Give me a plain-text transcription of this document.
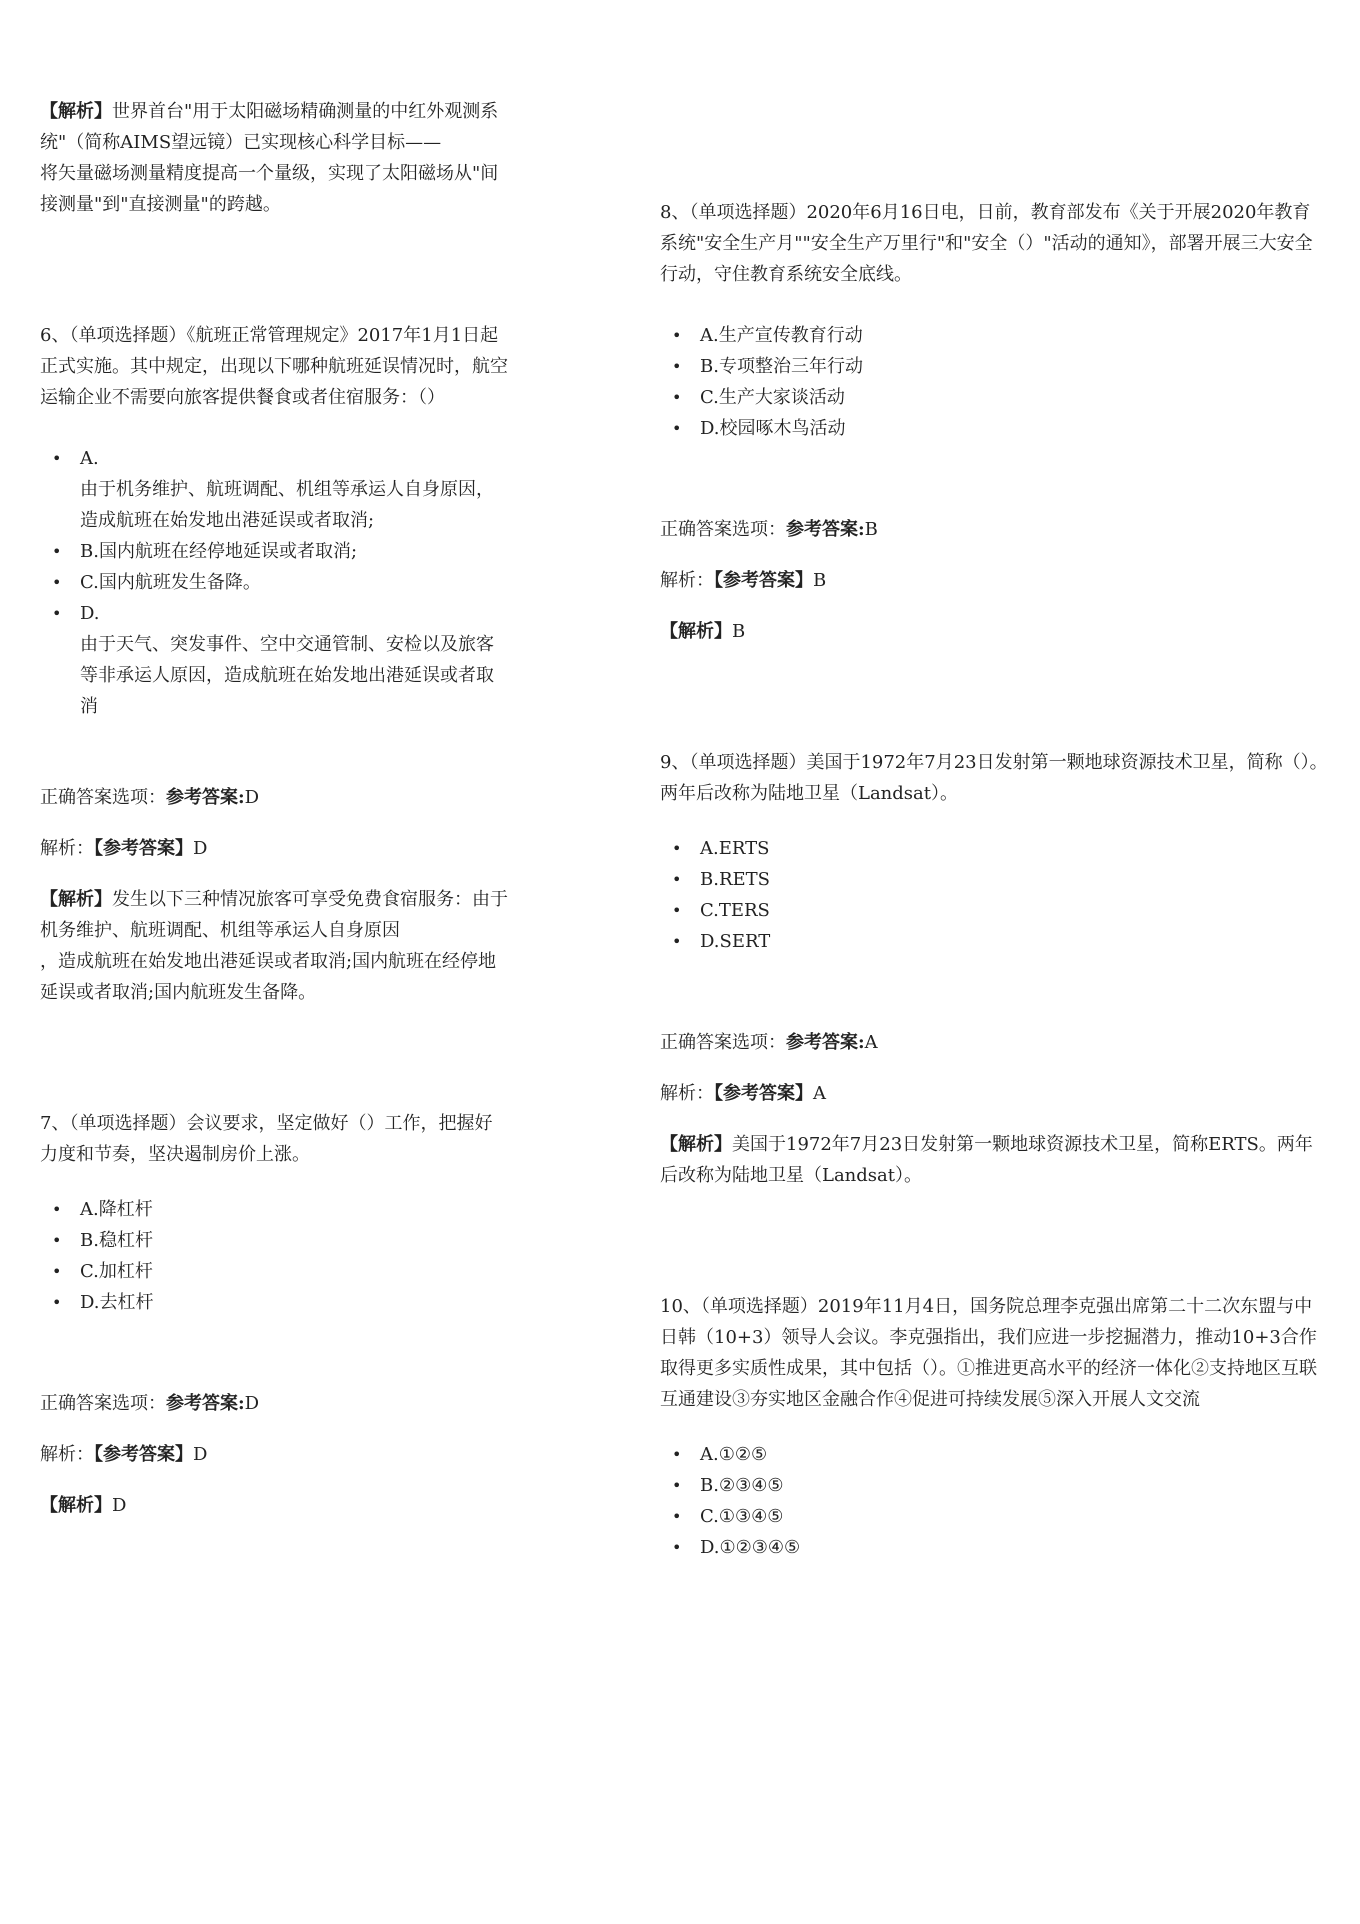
【解析】世界首台"用于太阳磁场精确测量的中红外观测系统"（简称AIMS望远镜）已实现核心科学目标——

将矢量磁场测量精度提高一个量级，实现了太阳磁场从"间接测量"到"直接测量"的跨越。

6、（单项选择题）《航班正常管理规定》2017年1月1日起正式实施。其中规定，出现以下哪种航班延误情况时，航空运输企业不需要向旅客提供餐食或者住宿服务：（）

• A.
由于机务维护、航班调配、机组等承运人自身原因，造成航班在始发地出港延误或者取消;
• B.国内航班在经停地延误或者取消;
• C.国内航班发生备降。
• D.
由于天气、突发事件、空中交通管制、安检以及旅客等非承运人原因，造成航班在始发地出港延误或者取消

正确答案选项：参考答案:D

解析：【参考答案】D

【解析】发生以下三种情况旅客可享受免费食宿服务：由于机务维护、航班调配、机组等承运人自身原因

，造成航班在始发地出港延误或者取消;国内航班在经停地延误或者取消;国内航班发生备降。

7、（单项选择题）会议要求，坚定做好（）工作，把握好力度和节奏，坚决遏制房价上涨。

• A.降杠杆
• B.稳杠杆
• C.加杠杆
• D.去杠杆

正确答案选项：参考答案:D

解析：【参考答案】D

【解析】D

8、（单项选择题）2020年6月16日电，日前，教育部发布《关于开展2020年教育系统"安全生产月""安全生产万里行"和"安全（）"活动的通知》，部署开展三大安全行动，守住教育系统安全底线。

• A.生产宣传教育行动
• B.专项整治三年行动
• C.生产大家谈活动
• D.校园啄木鸟活动

正确答案选项：参考答案:B

解析：【参考答案】B

【解析】B

9、（单项选择题）美国于1972年7月23日发射第一颗地球资源技术卫星，简称（）。两年后改称为陆地卫星（Landsat）。

• A.ERTS
• B.RETS
• C.TERS
• D.SERT

正确答案选项：参考答案:A

解析：【参考答案】A

【解析】美国于1972年7月23日发射第一颗地球资源技术卫星，简称ERTS。两年后改称为陆地卫星（Landsat）。

10、（单项选择题）2019年11月4日，国务院总理李克强出席第二十二次东盟与中日韩（10+3）领导人会议。李克强指出，我们应进一步挖掘潜力，推动10+3合作取得更多实质性成果，其中包括（）。①推进更高水平的经济一体化②支持地区互联互通建设③夯实地区金融合作④促进可持续发展⑤深入开展人文交流

• A.①②⑤
• B.②③④⑤
• C.①③④⑤
• D.①②③④⑤
